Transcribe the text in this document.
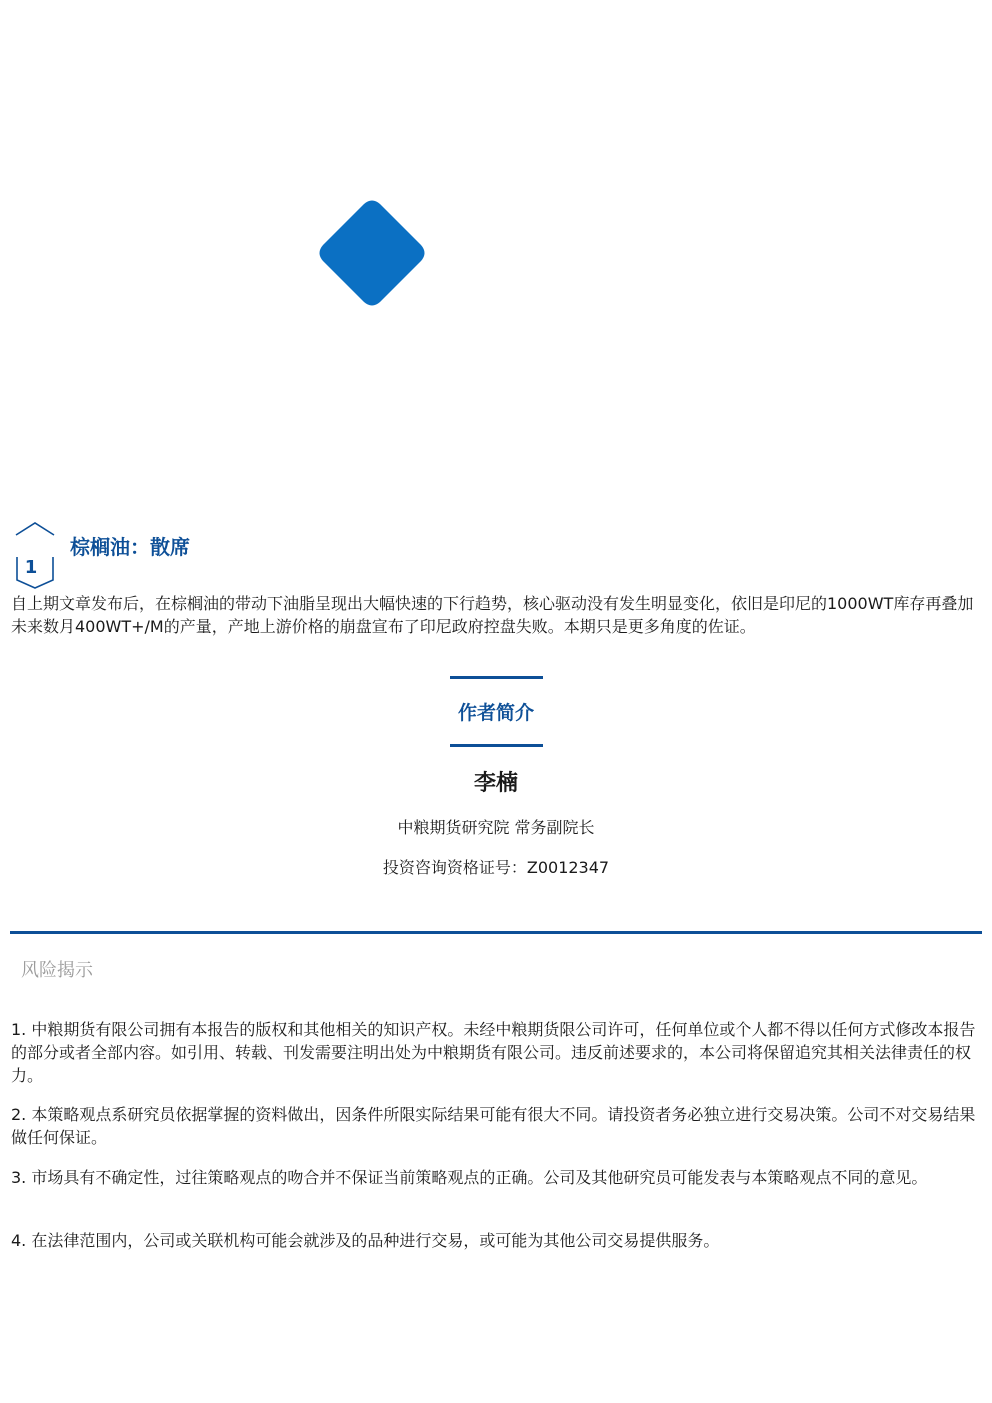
1
棕榈油：散席
自上期文章发布后，在棕榈油的带动下油脂呈现出大幅快速的下行趋势，核心驱动没有发生明显变化，依旧是印尼的1000WT库存再叠加未来数月400WT+/M的产量，产地上游价格的崩盘宣布了印尼政府控盘失败。本期只是更多角度的佐证。
作者简介
李楠
中粮期货研究院 常务副院长
投资咨询资格证号：Z0012347
风险揭示
1. 中粮期货有限公司拥有本报告的版权和其他相关的知识产权。未经中粮期货限公司许可，任何单位或个人都不得以任何方式修改本报告的部分或者全部内容。如引用、转载、刊发需要注明出处为中粮期货有限公司。违反前述要求的，本公司将保留追究其相关法律责任的权力。
2. 本策略观点系研究员依据掌握的资料做出，因条件所限实际结果可能有很大不同。请投资者务必独立进行交易决策。公司不对交易结果做任何保证。
3. 市场具有不确定性，过往策略观点的吻合并不保证当前策略观点的正确。公司及其他研究员可能发表与本策略观点不同的意见。
4. 在法律范围内，公司或关联机构可能会就涉及的品种进行交易，或可能为其他公司交易提供服务。
